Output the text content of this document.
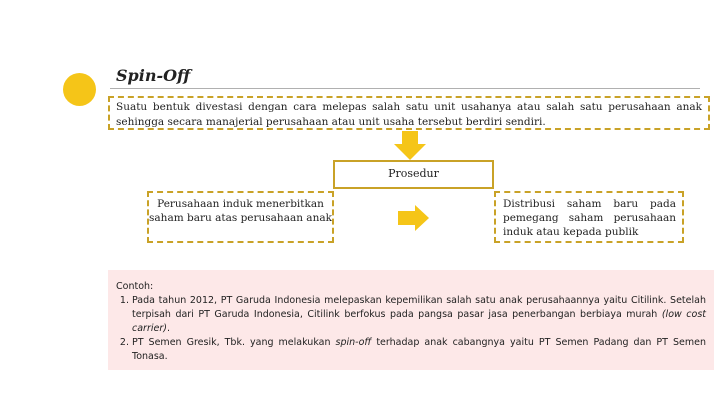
Spin-Off
Suatu bentuk divestasi dengan cara melepas salah satu unit usahanya atau salah satu perusahaan anak sehingga secara manajerial perusahaan atau unit usaha tersebut berdiri sendiri.
Prosedur
Perusahaan induk menerbitkan saham baru atas perusahaan anak
Distribusi saham baru pada pemegang saham perusahaan induk atau kepada publik
Contoh:
1. Pada tahun 2012, PT Garuda Indonesia melepaskan kepemilikan salah satu anak perusahaannya yaitu Citilink. Setelah terpisah dari PT Garuda Indonesia, Citilink berfokus pada pangsa pasar jasa penerbangan berbiaya murah (low cost carrier).
2. PT Semen Gresik, Tbk. yang melakukan spin-off terhadap anak cabangnya yaitu PT Semen Padang dan PT Semen Tonasa.
